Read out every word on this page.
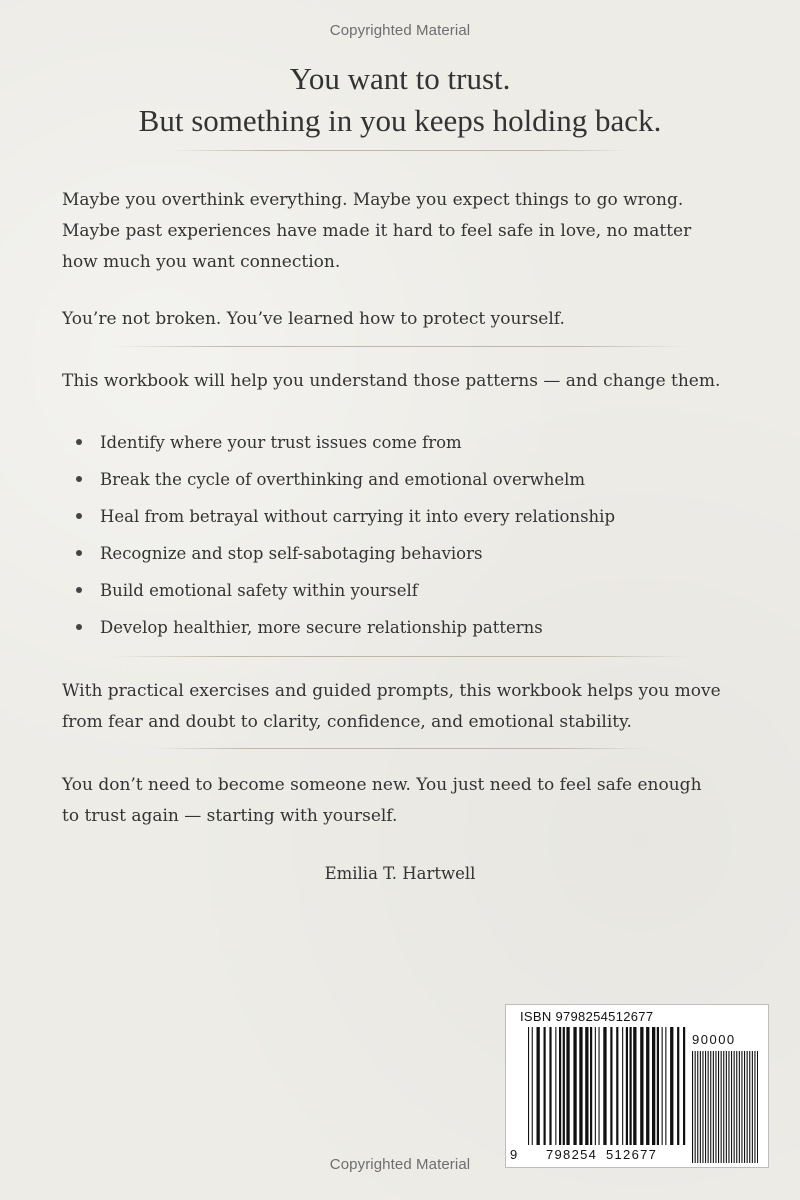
Copyrighted Material
You want to trust.
But something in you keeps holding back.
Maybe you overthink everything. Maybe you expect things to go wrong.
Maybe past experiences have made it hard to feel safe in love, no matter
how much you want connection.
You’re not broken. You’ve learned how to protect yourself.
This workbook will help you understand those patterns — and change them.
Identify where your trust issues come from
Break the cycle of overthinking and emotional overwhelm
Heal from betrayal without carrying it into every relationship
Recognize and stop self-sabotaging behaviors
Build emotional safety within yourself
Develop healthier, more secure relationship patterns
With practical exercises and guided prompts, this workbook helps you move
from fear and doubt to clarity, confidence, and emotional stability.
You don’t need to become someone new. You just need to feel safe enough
to trust again — starting with yourself.
Emilia T. Hartwell
ISBN 9798254512677
90000
9 798254 512677
Copyrighted Material
